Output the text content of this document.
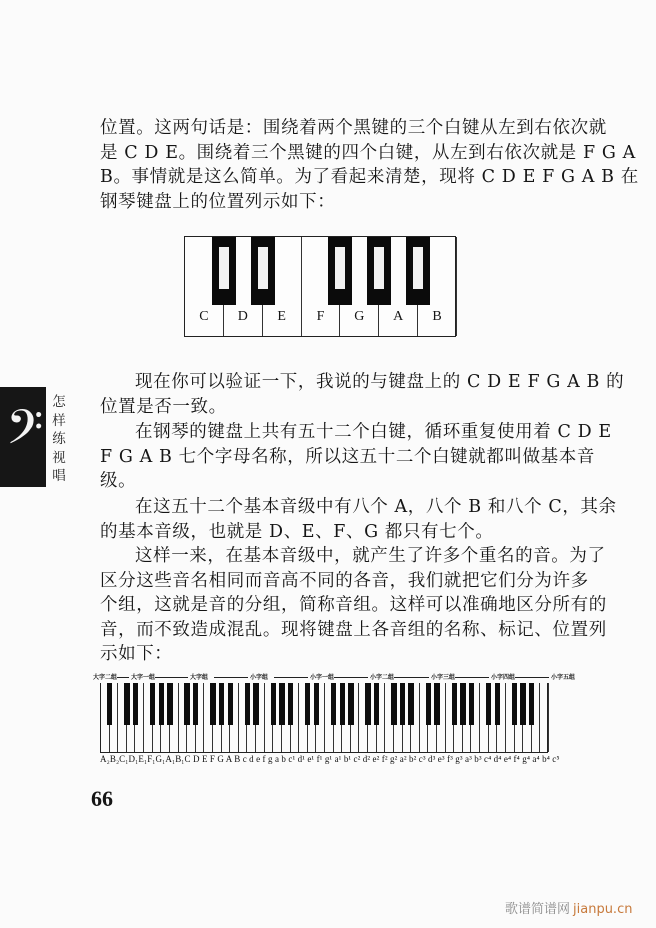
𝄢 怎
样
练
视
唱

位置。这两句话是：围绕着两个黑键的三个白键从左到右依次就
是 C D E。围绕着三个黑键的四个白键，从左到右依次就是 F G A
B。事情就是这么简单。为了看起来清楚，现将 C D E F G A B 在
钢琴键盘上的位置列示如下：

C	D	E	F	G	A	B

现在你可以验证一下，我说的与键盘上的 C D E F G A B 的
位置是否一致。

在钢琴的键盘上共有五十二个白键，循环重复使用着 C D E
F G A B 七个字母名称，所以这五十二个白键就都叫做基本音
级。

在这五十二个基本音级中有八个 A，八个 B 和八个 C，其余
的基本音级，也就是 D、E、F、G 都只有七个。

这样一来，在基本音级中，就产生了许多个重名的音。为了
区分这些音名相同而音高不同的各音，我们就把它们分为许多
个组，这就是音的分组，简称音组。这样可以准确地区分所有的
音，而不致造成混乱。现将键盘上各音组的名称、标记、位置列
示如下：

大字二组 大字一组	大字组	小字组	小字一组	小字二组	小字三组	小字四组	小字五组
A₂B₂C₁D₁E₁F₁G₁A₁B₁C D E F G A B c d e f g a b c¹ d¹ e¹ f¹ g¹ a¹ b¹ c² d² e² f² g² a² b² c³ d³ e³ f³ g³ a³ b³ c⁴ d⁴ e⁴ f⁴ g⁴ a⁴ b⁴ c⁵
66
歌谱简谱网 jianpu.cn
